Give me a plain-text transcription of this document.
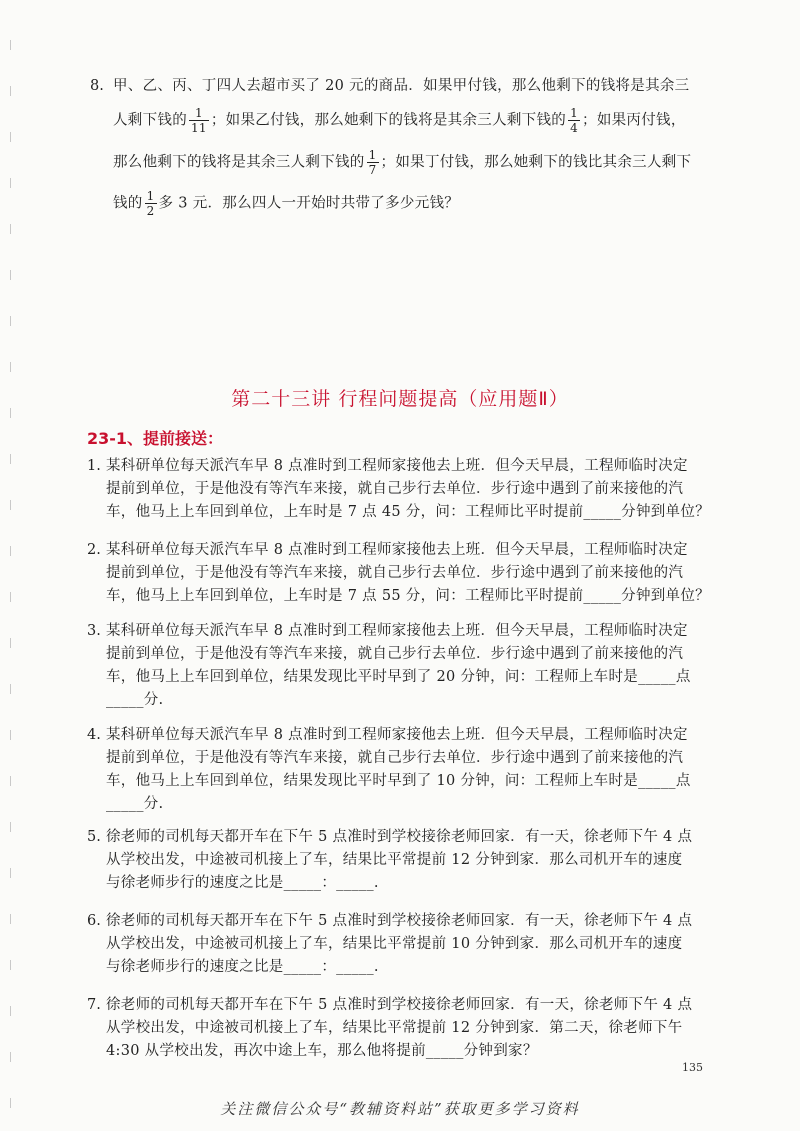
8. 甲、乙、丙、丁四人去超市买了 20 元的商品．如果甲付钱，那么他剩下的钱将是其余三
人剩下钱的 $\frac{1}{11}$ ；如果乙付钱，那么她剩下的钱将是其余三人剩下钱的 $\frac{1}{4}$ ；如果丙付钱，
那么他剩下的钱将是其余三人剩下钱的 $\frac{1}{7}$ ；如果丁付钱，那么她剩下的钱比其余三人剩下
钱的 $\frac{1}{2}$ 多 3 元．那么四人一开始时共带了多少元钱？
第二十三讲 行程问题提高（应用题Ⅱ）
23-1、提前接送：
1. 某科研单位每天派汽车早 8 点准时到工程师家接他去上班．但今天早晨，工程师临时决定
提前到单位，于是他没有等汽车来接，就自己步行去单位．步行途中遇到了前来接他的汽
车，他马上上车回到单位，上车时是 7 点 45 分，问：工程师比平时提前_____分钟到单位？
2. 某科研单位每天派汽车早 8 点准时到工程师家接他去上班．但今天早晨，工程师临时决定
提前到单位，于是他没有等汽车来接，就自己步行去单位．步行途中遇到了前来接他的汽
车，他马上上车回到单位，上车时是 7 点 55 分，问：工程师比平时提前_____分钟到单位？
3. 某科研单位每天派汽车早 8 点准时到工程师家接他去上班．但今天早晨，工程师临时决定
提前到单位，于是他没有等汽车来接，就自己步行去单位．步行途中遇到了前来接他的汽
车，他马上上车回到单位，结果发现比平时早到了 20 分钟，问：工程师上车时是_____点
_____分.
4. 某科研单位每天派汽车早 8 点准时到工程师家接他去上班．但今天早晨，工程师临时决定
提前到单位，于是他没有等汽车来接，就自己步行去单位．步行途中遇到了前来接他的汽
车，他马上上车回到单位，结果发现比平时早到了 10 分钟，问：工程师上车时是_____点
_____分.
5. 徐老师的司机每天都开车在下午 5 点准时到学校接徐老师回家．有一天，徐老师下午 4 点
从学校出发，中途被司机接上了车，结果比平常提前 12 分钟到家．那么司机开车的速度
与徐老师步行的速度之比是_____：_____.
6. 徐老师的司机每天都开车在下午 5 点准时到学校接徐老师回家．有一天，徐老师下午 4 点
从学校出发，中途被司机接上了车，结果比平常提前 10 分钟到家．那么司机开车的速度
与徐老师步行的速度之比是_____：_____.
7. 徐老师的司机每天都开车在下午 5 点准时到学校接徐老师回家．有一天，徐老师下午 4 点
从学校出发，中途被司机接上了车，结果比平常提前 12 分钟到家．第二天，徐老师下午
4:30 从学校出发，再次中途上车，那么他将提前_____分钟到家？
135
关注微信公众号“教辅资料站”获取更多学习资料
